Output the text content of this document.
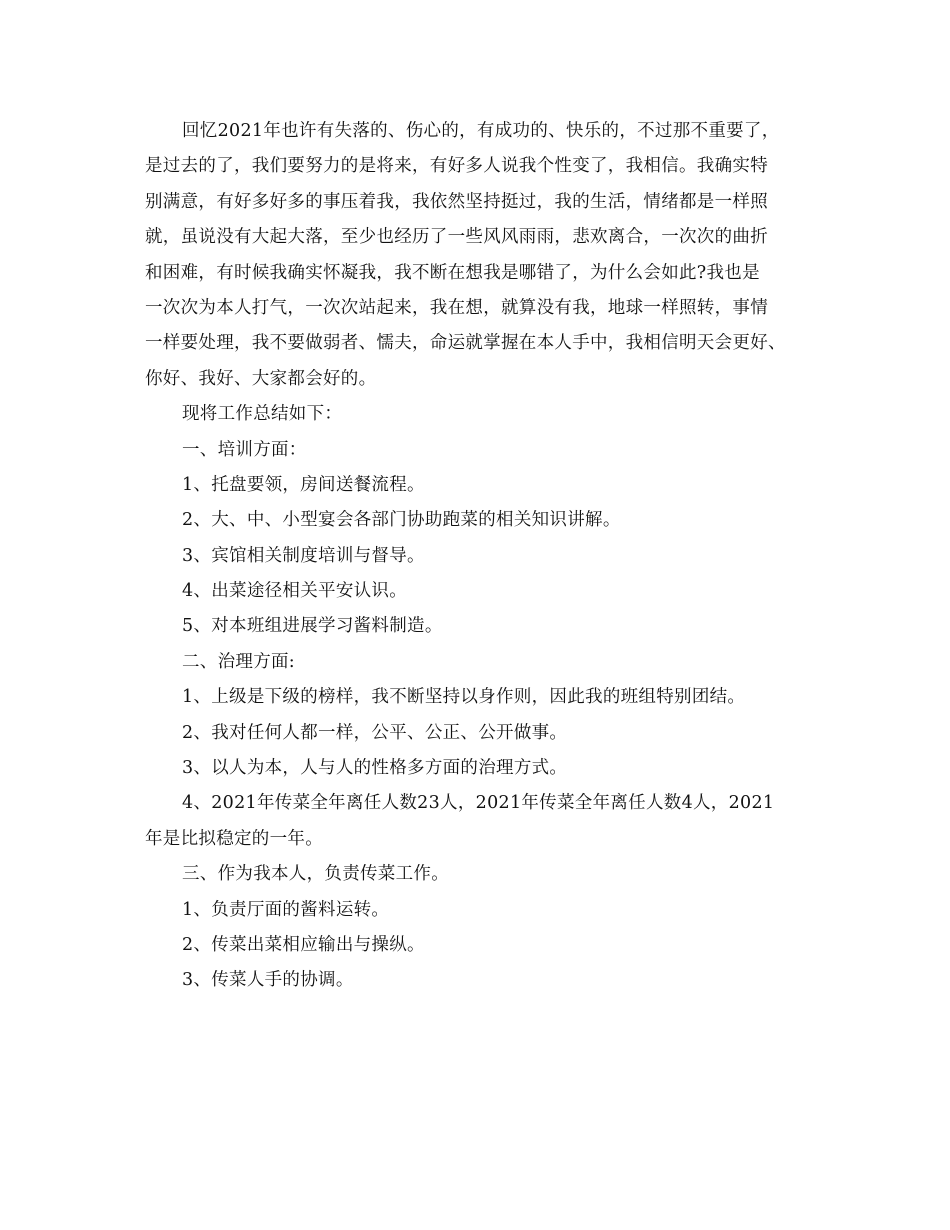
回忆2021年也许有失落的、伤心的，有成功的、快乐的，不过那不重要了，
是过去的了，我们要努力的是将来，有好多人说我个性变了，我相信。我确实特
别满意，有好多好多的事压着我，我依然坚持挺过，我的生活，情绪都是一样照
就，虽说没有大起大落，至少也经历了一些风风雨雨，悲欢离合，一次次的曲折
和困难，有时候我确实怀凝我，我不断在想我是哪错了，为什么会如此?我也是
一次次为本人打气，一次次站起来，我在想，就算没有我，地球一样照转，事情
一样要处理，我不要做弱者、懦夫，命运就掌握在本人手中，我相信明天会更好、
你好、我好、大家都会好的。
现将工作总结如下：
一、培训方面：
1、托盘要领，房间送餐流程。
2、大、中、小型宴会各部门协助跑菜的相关知识讲解。
3、宾馆相关制度培训与督导。
4、出菜途径相关平安认识。
5、对本班组进展学习酱料制造。
二、治理方面:
1、上级是下级的榜样，我不断坚持以身作则，因此我的班组特别团结。
2、我对任何人都一样，公平、公正、公开做事。
3、以人为本，人与人的性格多方面的治理方式。
4、2021年传菜全年离任人数23人，2021年传菜全年离任人数4人，2021
年是比拟稳定的一年。
三、作为我本人，负责传菜工作。
1、负责厅面的酱料运转。
2、传菜出菜相应输出与操纵。
3、传菜人手的协调。
